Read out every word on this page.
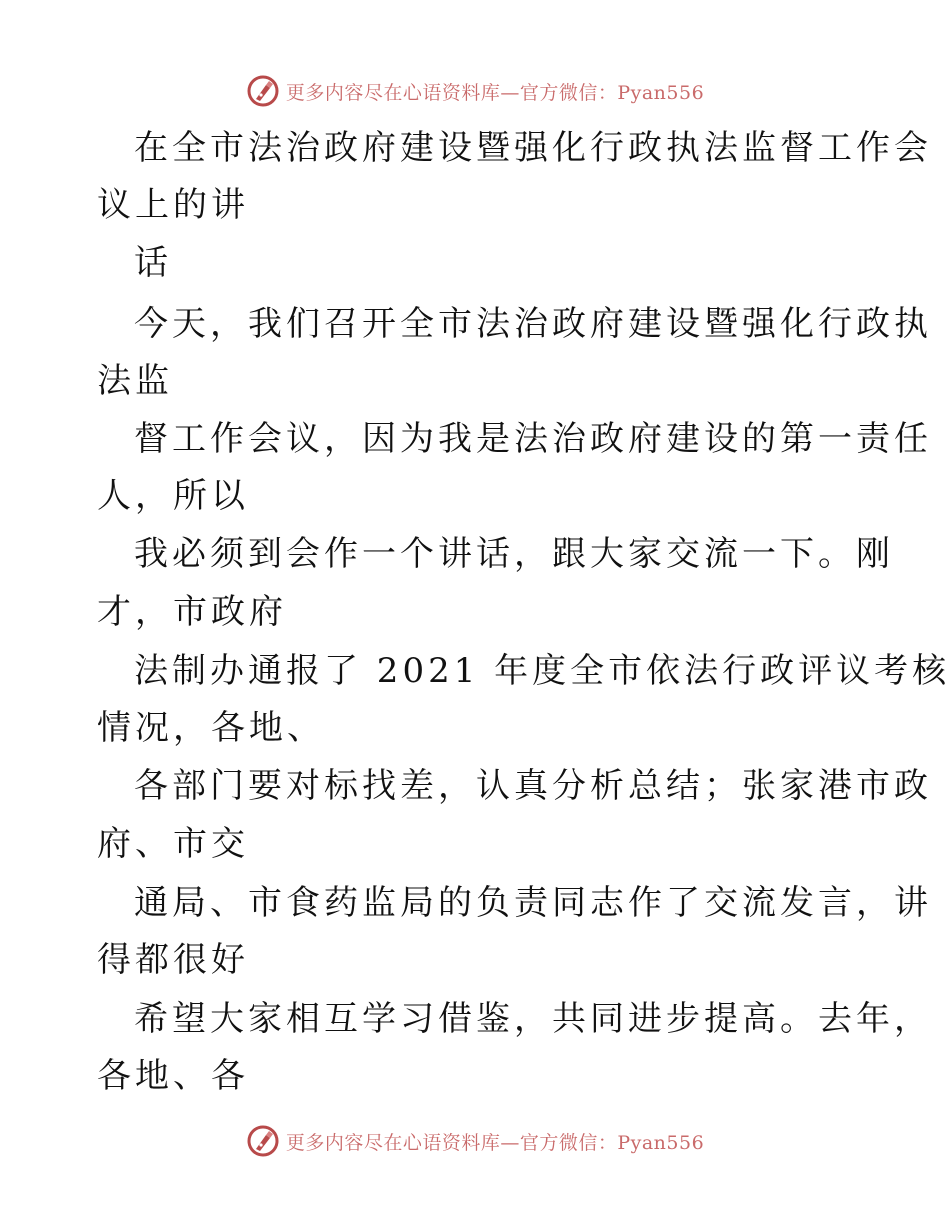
更多内容尽在心语资料库—官方微信：Pyan556
在全市法治政府建设暨强化行政执法监督工作会
议上的讲
话
今天，我们召开全市法治政府建设暨强化行政执
法监
督工作会议，因为我是法治政府建设的第一责任
人，所以
我必须到会作一个讲话，跟大家交流一下。刚
才，市政府
法制办通报了 2021 年度全市依法行政评议考核
情况，各地、
各部门要对标找差，认真分析总结；张家港市政
府、市交
通局、市食药监局的负责同志作了交流发言，讲
得都很好
希望大家相互学习借鉴，共同进步提高。去年，
各地、各
更多内容尽在心语资料库—官方微信：Pyan556
